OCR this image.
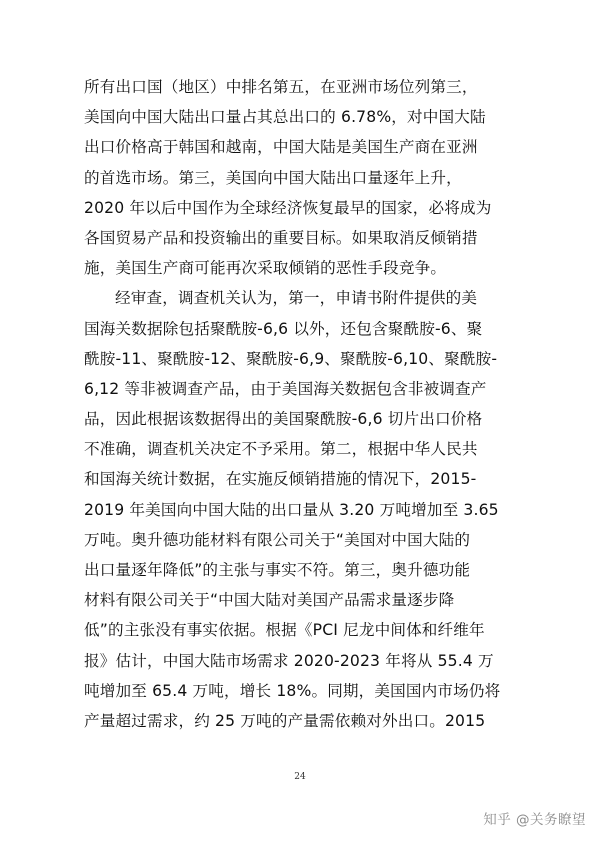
所有出口国（地区）中排名第五，在亚洲市场位列第三，
美国向中国大陆出口量占其总出口的 6.78%，对中国大陆
出口价格高于韩国和越南，中国大陆是美国生产商在亚洲
的首选市场。第三，美国向中国大陆出口量逐年上升，
2020 年以后中国作为全球经济恢复最早的国家，必将成为
各国贸易产品和投资输出的重要目标。如果取消反倾销措
施，美国生产商可能再次采取倾销的恶性手段竞争。
经审查，调查机关认为，第一，申请书附件提供的美
国海关数据除包括聚酰胺-6,6 以外，还包含聚酰胺-6、聚
酰胺-11、聚酰胺-12、聚酰胺-6,9、聚酰胺-6,10、聚酰胺-
6,12 等非被调查产品，由于美国海关数据包含非被调查产
品，因此根据该数据得出的美国聚酰胺-6,6 切片出口价格
不准确，调查机关决定不予采用。第二，根据中华人民共
和国海关统计数据，在实施反倾销措施的情况下，2015-
2019 年美国向中国大陆的出口量从 3.20 万吨增加至 3.65
万吨。奥升德功能材料有限公司关于“美国对中国大陆的
出口量逐年降低”的主张与事实不符。第三，奥升德功能
材料有限公司关于“中国大陆对美国产品需求量逐步降
低”的主张没有事实依据。根据《PCI 尼龙中间体和纤维年
报》估计，中国大陆市场需求 2020-2023 年将从 55.4 万
吨增加至 65.4 万吨，增长 18%。同期，美国国内市场仍将
产量超过需求，约 25 万吨的产量需依赖对外出口。2015
24
知乎 @关务瞭望
